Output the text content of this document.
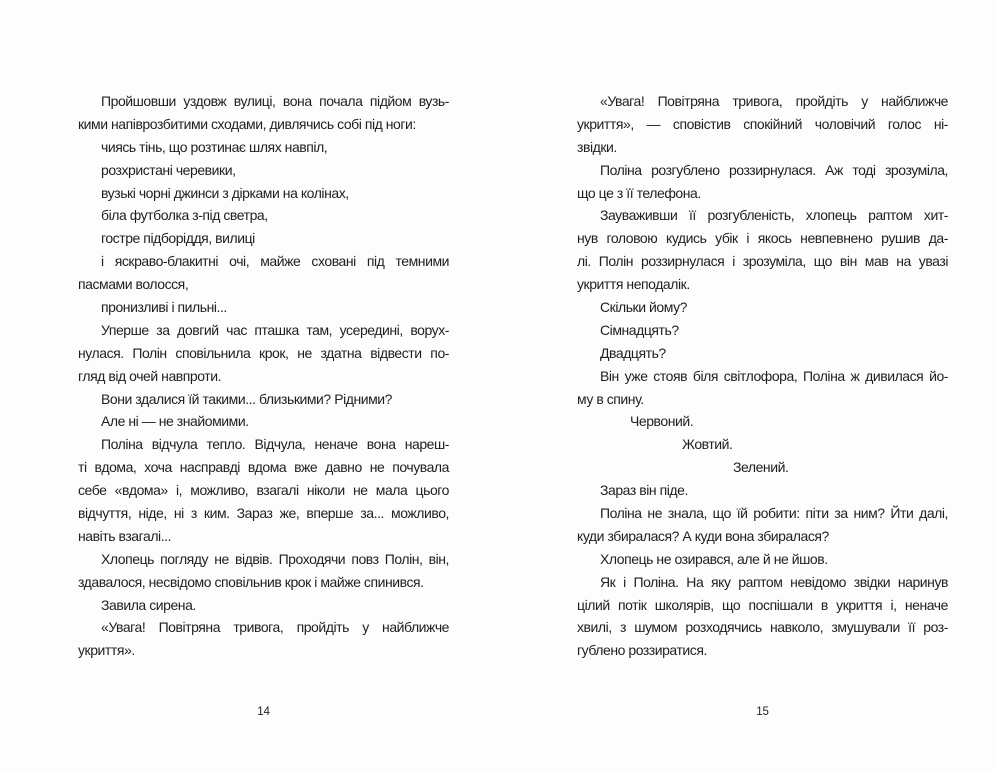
Пройшовши уздовж вулиці, вона почала підйом вузь-
кими напіврозбитими сходами, дивлячись собі під ноги:
чиясь тінь, що розтинає шлях навпіл,
розхристані черевики,
вузькі чорні джинси з дірками на колінах,
біла футболка з-під светра,
гостре підборіддя, вилиці
і яскраво-блакитні очі, майже сховані під темними
пасмами волосся,
пронизливі і пильні...
Уперше за довгий час пташка там, усередині, ворух-
нулася. Полін сповільнила крок, не здатна відвести по-
гляд від очей навпроти.
Вони здалися їй такими... близькими? Рідними?
Але ні — не знайомими.
Поліна відчула тепло. Відчула, неначе вона нареш-
ті вдома, хоча насправді вдома вже давно не почувала
себе «вдома» і, можливо, взагалі ніколи не мала цього
відчуття, ніде, ні з ким. Зараз же, вперше за... можливо,
навіть взагалі...
Хлопець погляду не відвів. Проходячи повз Полін, він,
здавалося, несвідомо сповільнив крок і майже спинився.
Завила сирена.
«Увага! Повітряна тривога, пройдіть у найближче
укриття».
14
«Увага! Повітряна тривога, пройдіть у найближче
укриття», — сповістив спокійний чоловічий голос ні-
звідки.
Поліна розгублено роззирнулася. Аж тоді зрозуміла,
що це з її телефона.
Зауваживши її розгубленість, хлопець раптом хит-
нув головою кудись убік і якось невпевнено рушив да-
лі. Полін роззирнулася і зрозуміла, що він мав на увазі
укриття неподалік.
Скільки йому?
Сімнадцять?
Двадцять?
Він уже стояв біля світлофора, Поліна ж дивилася йо-
му в спину.
Червоний.
Жовтий.
Зелений.
Зараз він піде.
Поліна не знала, що їй робити: піти за ним? Йти далі,
куди збиралася? А куди вона збиралася?
Хлопець не озирався, але й не йшов.
Як і Поліна. На яку раптом невідомо звідки наринув
цілий потік школярів, що поспішали в укриття і, неначе
хвилі, з шумом розходячись навколо, змушували її роз-
гублено роззиратися.
15
